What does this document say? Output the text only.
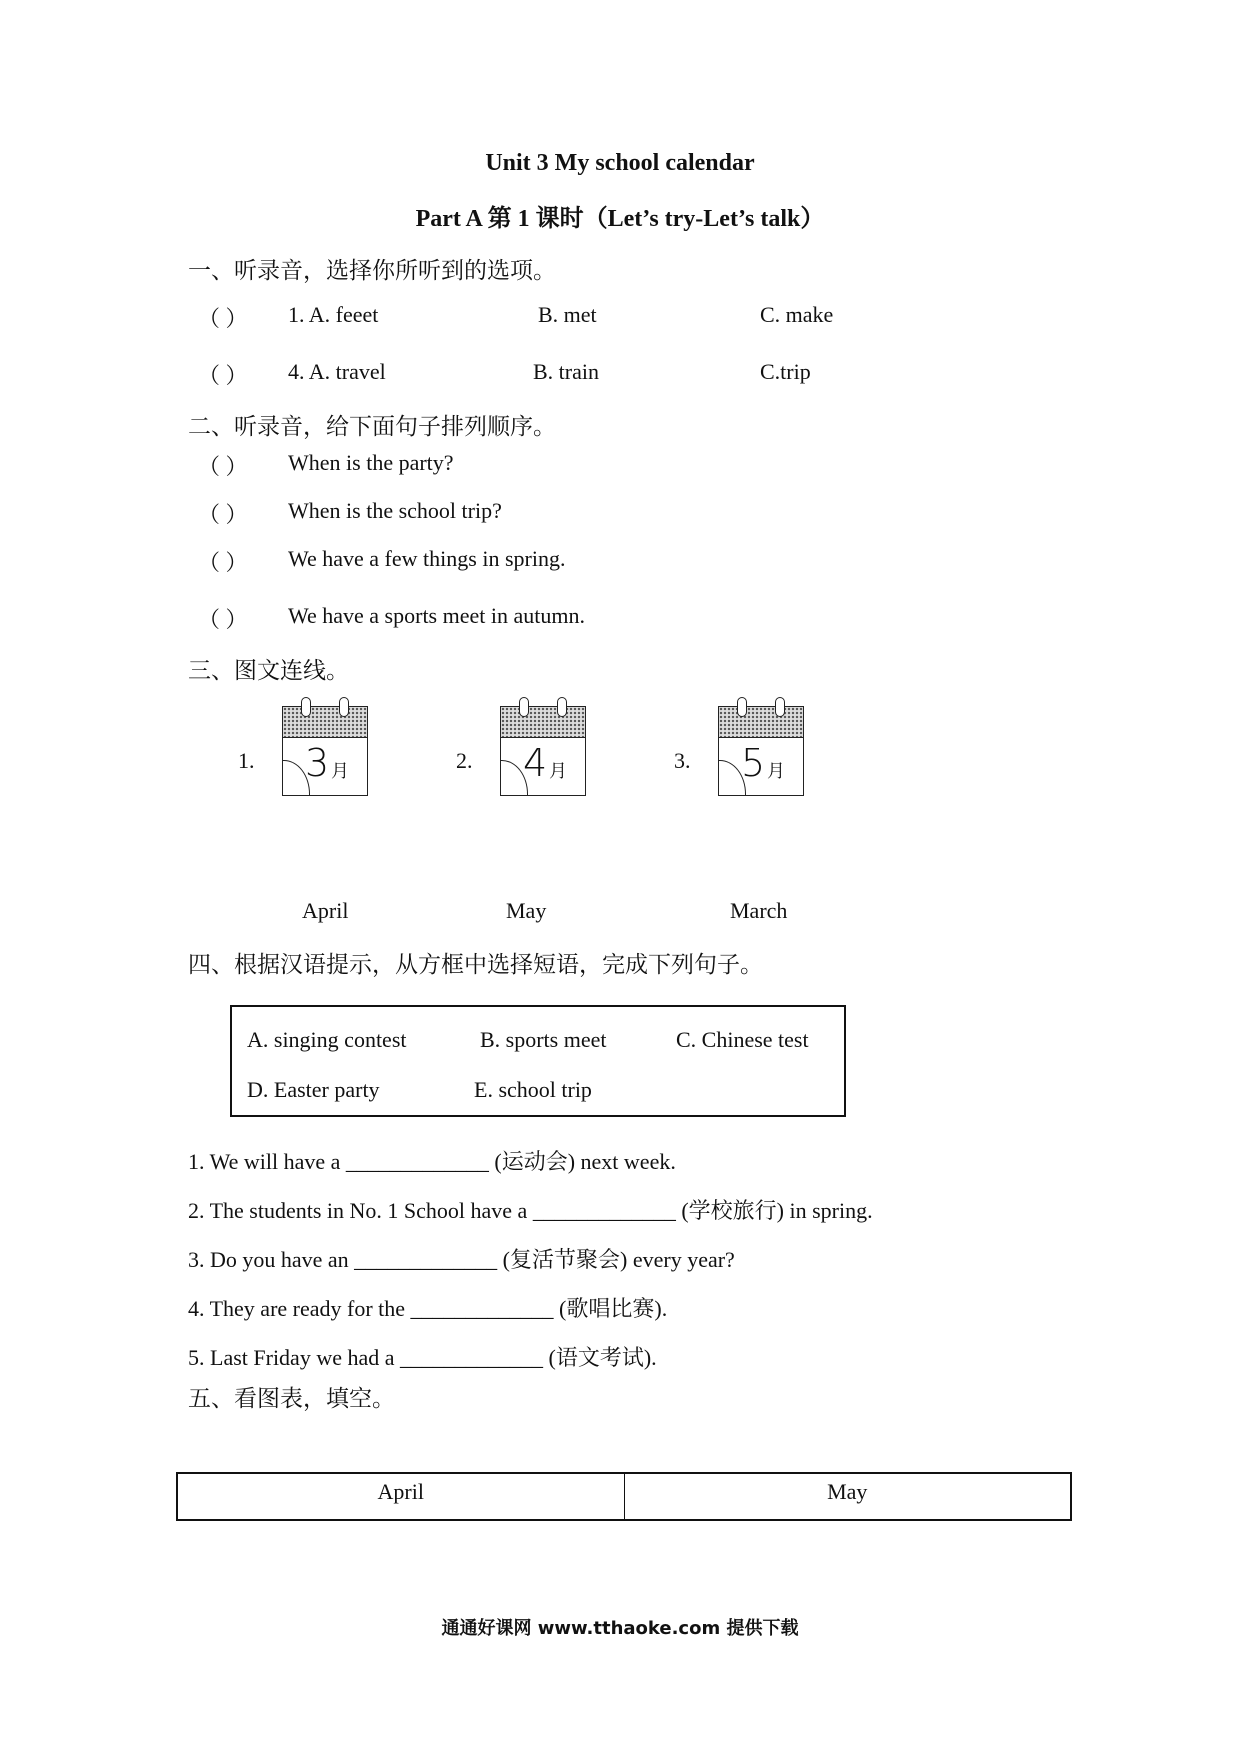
Unit 3 My school calendar
Part A 第 1 课时（Let’s try-Let’s talk）
一、听录音，选择你所听到的选项。
（ ） 1. A. feeet	B. met	C. make
（ ） 4. A. travel	B. train	C.trip
二、听录音，给下面句子排列顺序。
（ ） When is the party?
（ ） When is the school trip?
（ ） We have a few things in spring.
（ ） We have a sports meet in autumn.
三、图文连线。
1. 3 月	2. 4 月	3. 5 月
April	May	March
四、根据汉语提示，从方框中选择短语，完成下列句子。
A. singing contest	B. sports meet	C. Chinese test
D. Easter party	E. school trip
1. We will have a _____________ (运动会) next week.
2. The students in No. 1 School have a _____________ (学校旅行) in spring.
3. Do you have an _____________ (复活节聚会) every year?
4. They are ready for the _____________ (歌唱比赛).
5. Last Friday we had a _____________ (语文考试).
五、看图表，填空。
April	May
通通好课网 www.tthaoke.com 提供下载
